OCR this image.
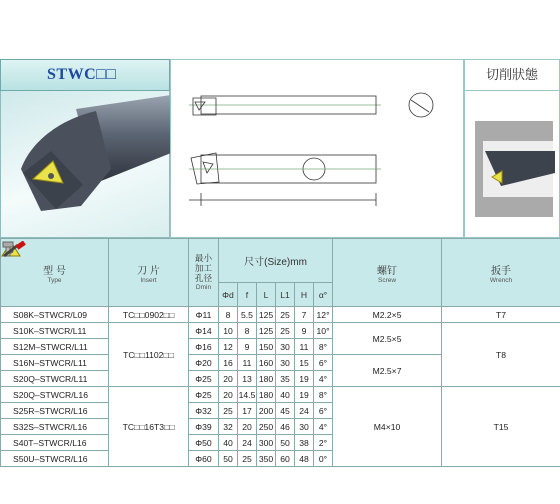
STWC□□	切削狀態
型 号
Type	刀 片
Insert	最小
加工
孔径
Dmin	尺寸(Size)mm						螺钉
Screw	扳手
Wrench

			Φd	f	L	L1	H	α°		
S08K–STWCR/L09	TC□□0902□□	Φ11	8	5.5	125	25	7	12°	M2.2×5	T7
S10K–STWCR/L11	TC□□1102□□	Φ14	10	8	125	25	9	10°	M2.5×5	T8
S12M–STWCR/L11		Φ16	12	9	150	30	11	8°		
S16N–STWCR/L11		Φ20	16	11	160	30	15	6°	M2.5×7	
S20Q–STWCR/L11		Φ25	20	13	180	35	19	4°		
S20Q–STWCR/L16	TC□□16T3□□	Φ25	20	14.5	180	40	19	8°	M4×10	T15
S25R–STWCR/L16		Φ32	25	17	200	45	24	6°		
S32S–STWCR/L16		Φ39	32	20	250	46	30	4°		
S40T–STWCR/L16		Φ50	40	24	300	50	38	2°		
S50U–STWCR/L16		Φ60	50	25	350	60	48	0°		
